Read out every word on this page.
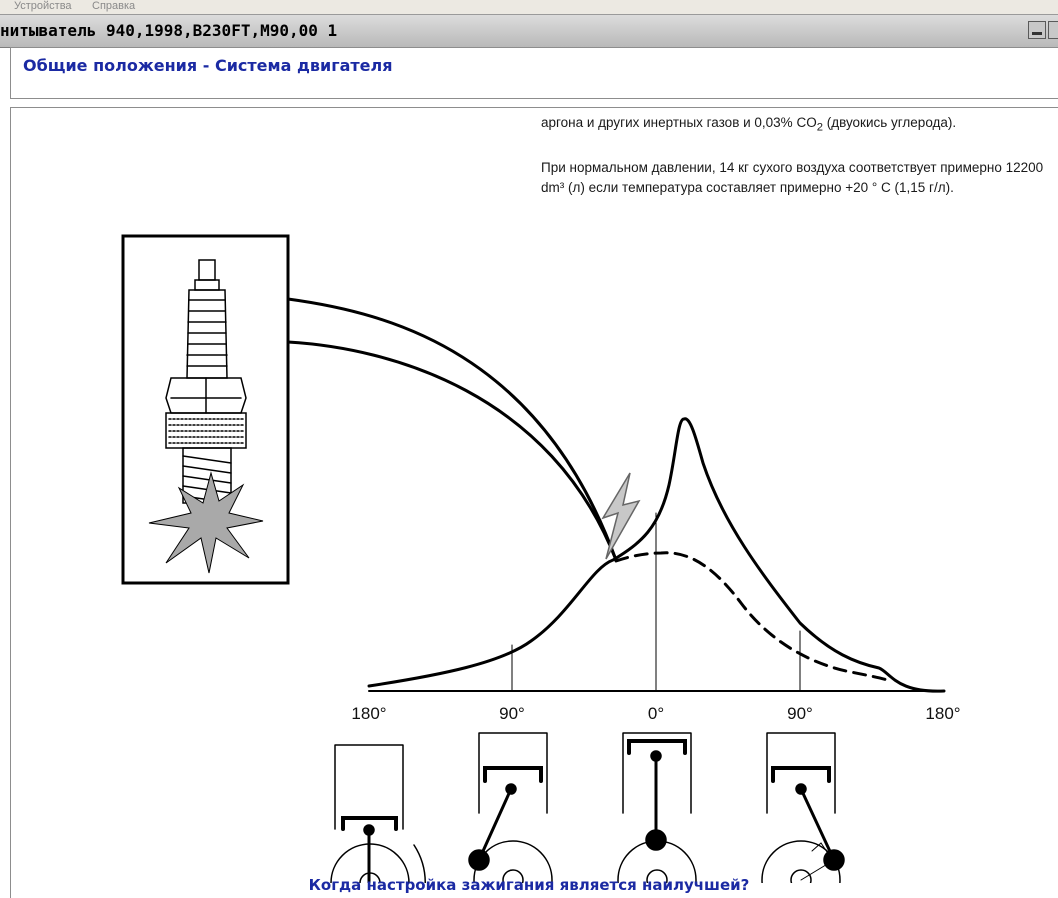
Устройства Справка
нитыватель 940,1998,B230FT,M90,00 1
Общие положения - Система двигателя

аргона и других инертных газов и 0,03% $CO_2$ (двуокись углерода).

При нормальном давлении, 14 кг сухого воздуха соответствует примерно 12200 dm³ (л) если температура составляет примерно +20 ° C (1,15 г/л).

180°	90°	0°	90°	180°
Когда настройка зажигания является наилучшей?
